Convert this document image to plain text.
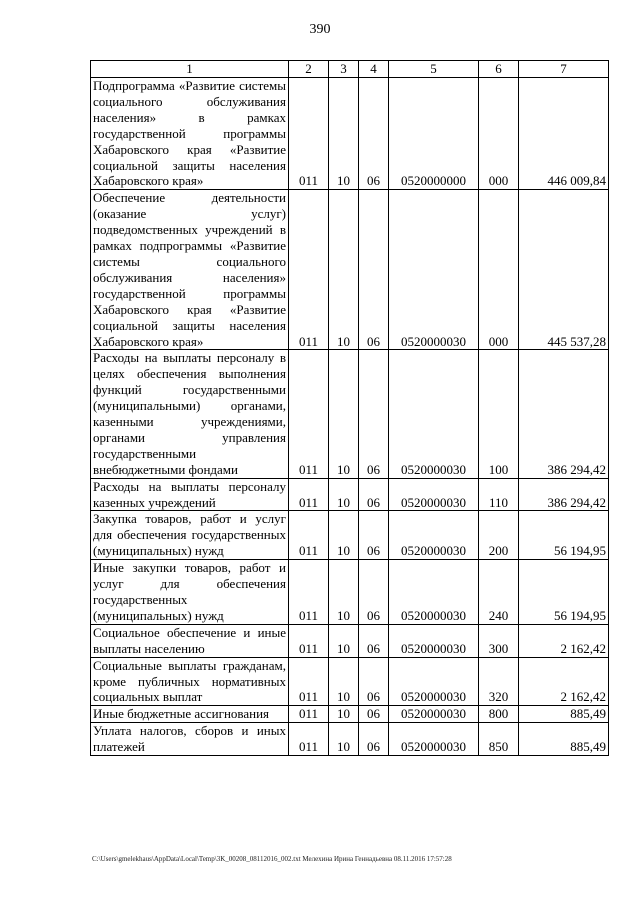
390
1	2	3	4	5	6	7
Подпрограмма «Развитие системы социального обслуживания населения» в рамках государственной программы Хабаровского края «Развитие социальной защиты населения Хабаровского края»	011	10	06	0520000000	000	446 009,84
Обеспечение деятельности (оказание услуг) подведомственных учреждений в рамках подпрограммы «Развитие системы социального обслуживания населения» государственной программы Хабаровского края «Развитие социальной защиты населения Хабаровского края»	011	10	06	0520000030	000	445 537,28
Расходы на выплаты персоналу в целях обеспечения выполнения функций государственными (муниципальными) органами, казенными учреждениями, органами управления государственными внебюджетными фондами	011	10	06	0520000030	100	386 294,42
Расходы на выплаты персоналу казенных учреждений	011	10	06	0520000030	110	386 294,42
Закупка товаров, работ и услуг для обеспечения государственных (муниципальных) нужд	011	10	06	0520000030	200	56 194,95
Иные закупки товаров, работ и услуг для обеспечения государственных (муниципальных) нужд	011	10	06	0520000030	240	56 194,95
Социальное обеспечение и иные выплаты населению	011	10	06	0520000030	300	2 162,42
Социальные выплаты гражданам, кроме публичных нормативных социальных выплат	011	10	06	0520000030	320	2 162,42
Иные бюджетные ассигнования	011	10	06	0520000030	800	885,49
Уплата налогов, сборов и иных платежей	011	10	06	0520000030	850	885,49
C:\Users\gmelekhaus\AppData\Local\Temp\3K_00208_08112016_002.txt Мелехина Ирина Геннадьевна 08.11.2016 17:57:28
